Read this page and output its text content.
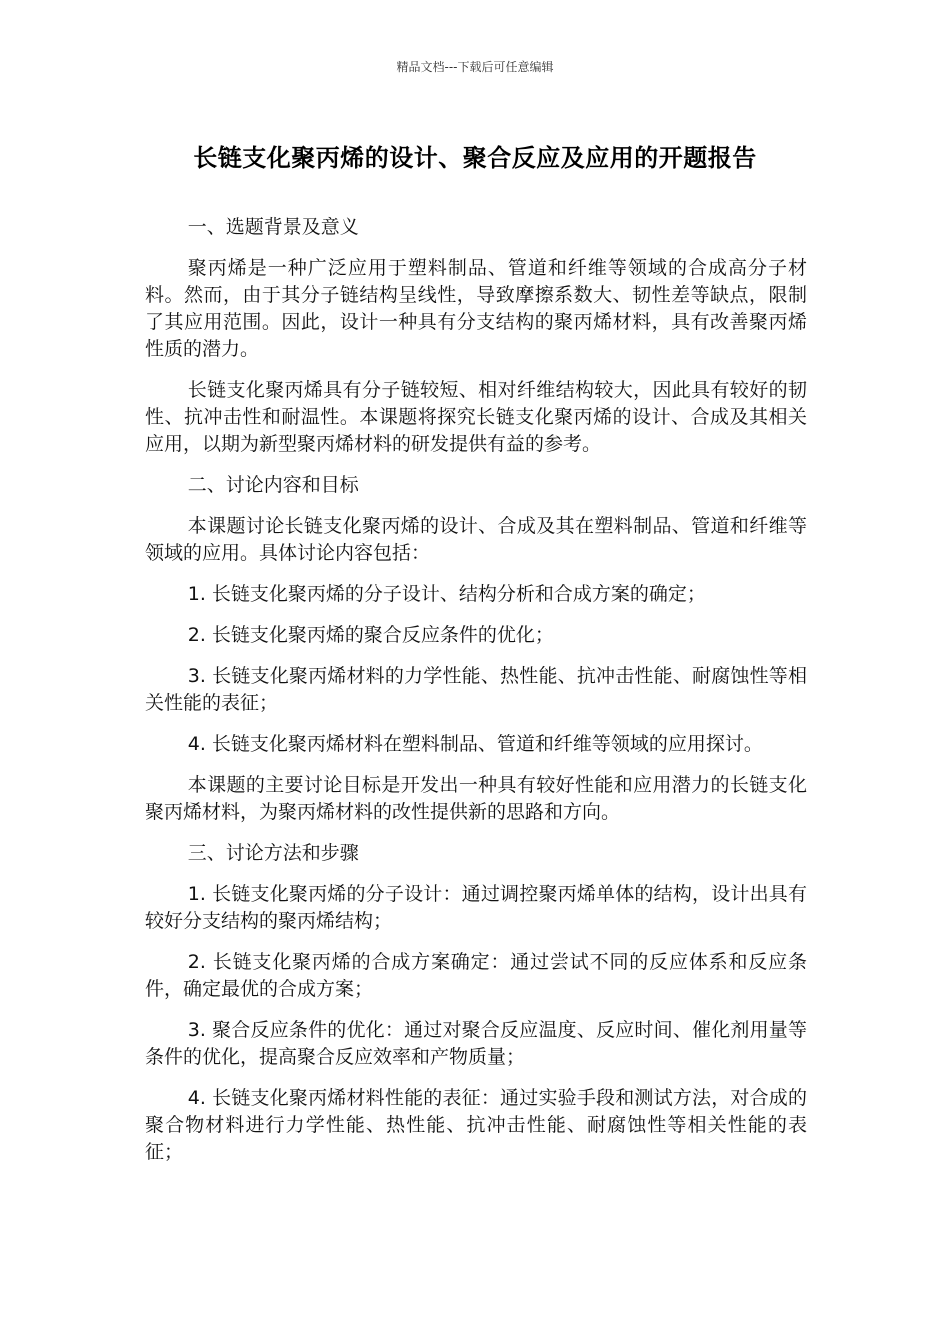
精品文档---下载后可任意编辑
长链支化聚丙烯的设计、聚合反应及应用的开题报告

一、选题背景及意义

聚丙烯是一种广泛应用于塑料制品、管道和纤维等领域的合成高分子材料。然而，由于其分子链结构呈线性，导致摩擦系数大、韧性差等缺点，限制了其应用范围。因此，设计一种具有分支结构的聚丙烯材料，具有改善聚丙烯性质的潜力。

长链支化聚丙烯具有分子链较短、相对纤维结构较大，因此具有较好的韧性、抗冲击性和耐温性。本课题将探究长链支化聚丙烯的设计、合成及其相关应用，以期为新型聚丙烯材料的研发提供有益的参考。

二、讨论内容和目标

本课题讨论长链支化聚丙烯的设计、合成及其在塑料制品、管道和纤维等领域的应用。具体讨论内容包括：

1. 长链支化聚丙烯的分子设计、结构分析和合成方案的确定；

2. 长链支化聚丙烯的聚合反应条件的优化；

3. 长链支化聚丙烯材料的力学性能、热性能、抗冲击性能、耐腐蚀性等相关性能的表征；

4. 长链支化聚丙烯材料在塑料制品、管道和纤维等领域的应用探讨。

本课题的主要讨论目标是开发出一种具有较好性能和应用潜力的长链支化聚丙烯材料，为聚丙烯材料的改性提供新的思路和方向。

三、讨论方法和步骤

1. 长链支化聚丙烯的分子设计：通过调控聚丙烯单体的结构，设计出具有较好分支结构的聚丙烯结构；

2. 长链支化聚丙烯的合成方案确定：通过尝试不同的反应体系和反应条件，确定最优的合成方案；

3. 聚合反应条件的优化：通过对聚合反应温度、反应时间、催化剂用量等条件的优化，提高聚合反应效率和产物质量；

4. 长链支化聚丙烯材料性能的表征：通过实验手段和测试方法，对合成的聚合物材料进行力学性能、热性能、抗冲击性能、耐腐蚀性等相关性能的表征；
